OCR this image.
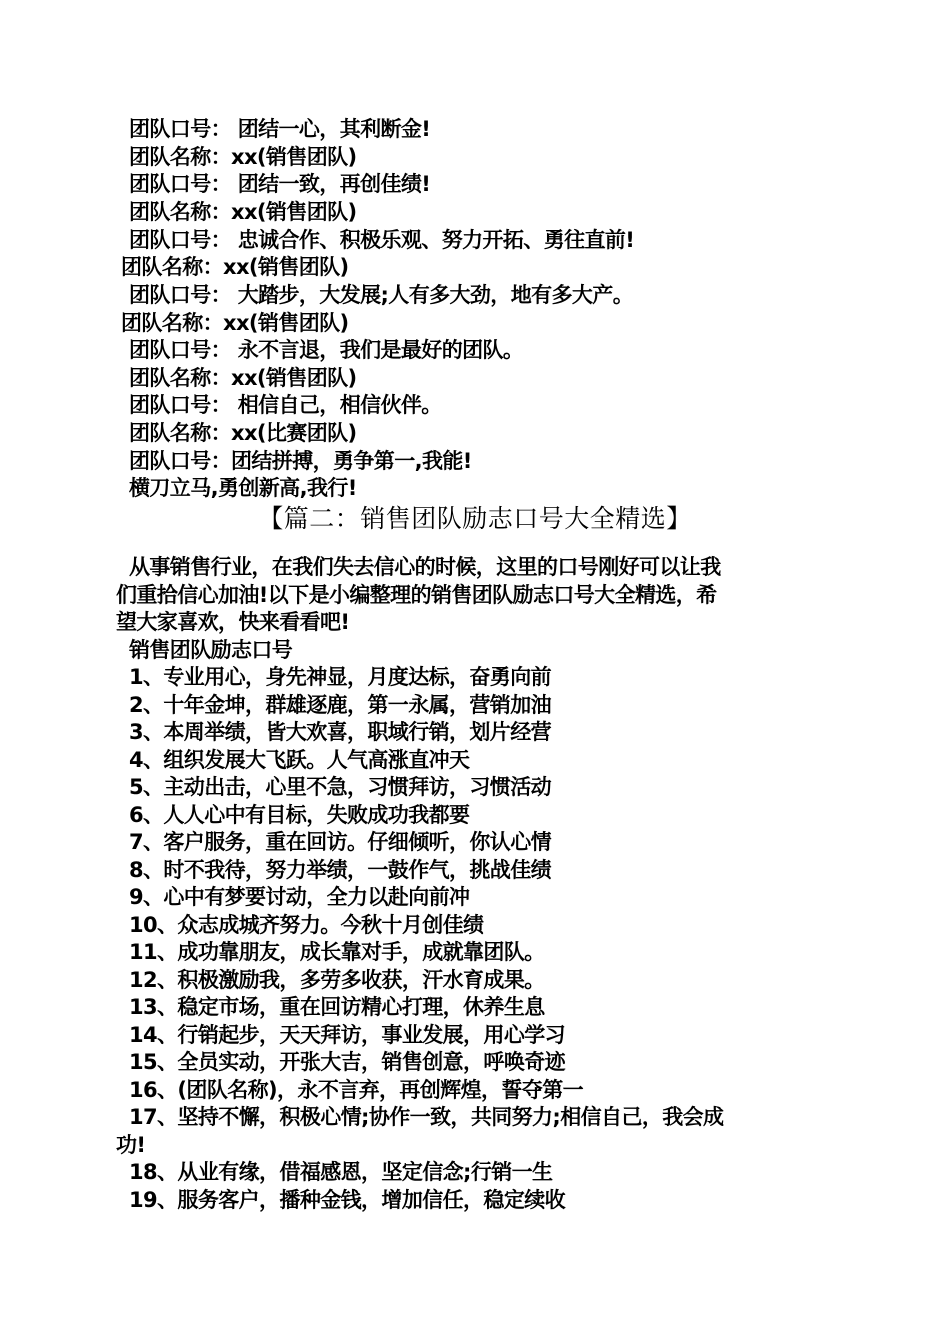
团队口号： 团结一心，其利断金!
团队名称：xx(销售团队)
团队口号： 团结一致，再创佳绩!
团队名称：xx(销售团队)
团队口号： 忠诚合作、积极乐观、努力开拓、勇往直前!
团队名称：xx(销售团队)
团队口号： 大踏步，大发展;人有多大劲，地有多大产。
团队名称：xx(销售团队)
团队口号： 永不言退，我们是最好的团队。
团队名称：xx(销售团队)
团队口号： 相信自己，相信伙伴。
团队名称：xx(比赛团队)
团队口号：团结拼搏，勇争第一,我能!
横刀立马,勇创新高,我行!
【篇二：销售团队励志口号大全精选】
从事销售行业，在我们失去信心的时候，这里的口号刚好可以让我
们重拾信心加油!以下是小编整理的销售团队励志口号大全精选，希
望大家喜欢，快来看看吧!
销售团队励志口号
1、专业用心，身先神显，月度达标，奋勇向前
2、十年金坤，群雄逐鹿，第一永属，营销加油
3、本周举绩，皆大欢喜，职域行销，划片经营
4、组织发展大飞跃。人气高涨直冲天
5、主动出击，心里不急，习惯拜访，习惯活动
6、人人心中有目标，失败成功我都要
7、客户服务，重在回访。仔细倾听，你认心情
8、时不我待，努力举绩，一鼓作气，挑战佳绩
9、心中有梦要讨动，全力以赴向前冲
10、众志成城齐努力。今秋十月创佳绩
11、成功靠朋友，成长靠对手，成就靠团队。
12、积极激励我，多劳多收获，汗水育成果。
13、稳定市场，重在回访精心打理，休养生息
14、行销起步，天天拜访，事业发展，用心学习
15、全员实动，开张大吉，销售创意，呼唤奇迹
16、(团队名称)，永不言弃，再创辉煌，誓夺第一
17、坚持不懈，积极心情;协作一致，共同努力;相信自己，我会成
功!
18、从业有缘，借福感恩，坚定信念;行销一生
19、服务客户，播种金钱，增加信任，稳定续收
